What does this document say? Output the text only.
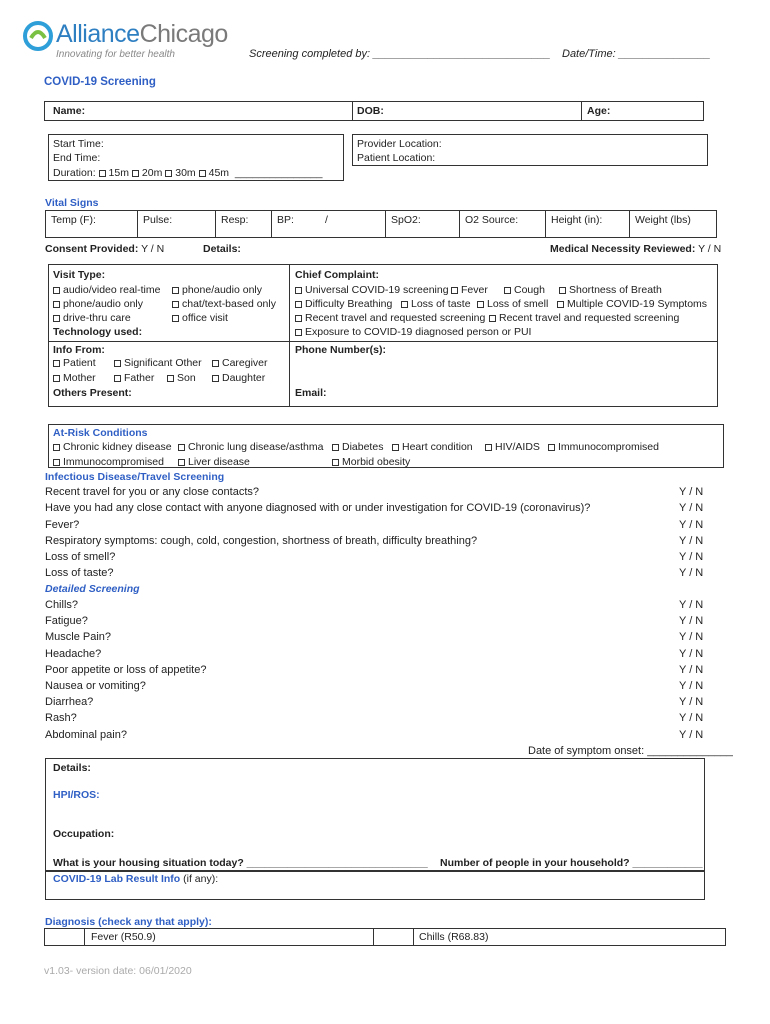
AllianceChicago
Innovating for better health	Screening completed by: _____________________________ Date/Time: _______________
COVID-19 Screening
Name:	DOB:	Age:
Start Time:
End Time:
Duration: 15m 20m 30m 45m _______________
Provider Location:
Patient Location:
Vital Signs
Temp (F):	Pulse:	Resp:	BP:	/	SpO2:	O2 Source:	Height (in):	Weight (lbs)
Consent Provided: Y / N	Details:	Medical Necessity Reviewed: Y / N
Visit Type:
audio/video real-time	phone/audio only
phone/audio only	chat/text-based only
drive-thru care	office visit
Technology used:
Chief Complaint:
Universal COVID-19 screening	Fever	Cough	Shortness of Breath
Difficulty Breathing	Loss of taste	Loss of smell	Multiple COVID-19 Symptoms
Recent travel and requested screening	Recent travel and requested screening
Exposure to COVID-19 diagnosed person or PUI
Info From:
Patient	Significant Other	Caregiver
Mother	Father	Son	Daughter
Others Present:
Phone Number(s):
Email:
At-Risk Conditions
Chronic kidney disease	Chronic lung disease/asthma	Diabetes	Heart condition	HIV/AIDS	Immunocompromised
Immunocompromised	Liver disease	Morbid obesity
Infectious Disease/Travel Screening
Recent travel for you or any close contacts?	Y / N
Have you had any close contact with anyone diagnosed with or under investigation for COVID-19 (coronavirus)?	Y / N
Fever?	Y / N
Respiratory symptoms: cough, cold, congestion, shortness of breath, difficulty breathing?	Y / N
Loss of smell?	Y / N
Loss of taste?	Y / N
Detailed Screening
Chills?	Y / N
Fatigue?	Y / N
Muscle Pain?	Y / N
Headache?	Y / N
Poor appetite or loss of appetite?	Y / N
Nausea or vomiting?	Y / N
Diarrhea?	Y / N
Rash?	Y / N
Abdominal pain?	Y / N
Date of symptom onset: ______________
Details:
HPI/ROS:
Occupation:
What is your housing situation today? _______________________________ Number of people in your household? ____________
COVID-19 Lab Result Info (if any):
Diagnosis (check any that apply):
Fever (R50.9)	Chills (R68.83)
v1.03- version date: 06/01/2020
